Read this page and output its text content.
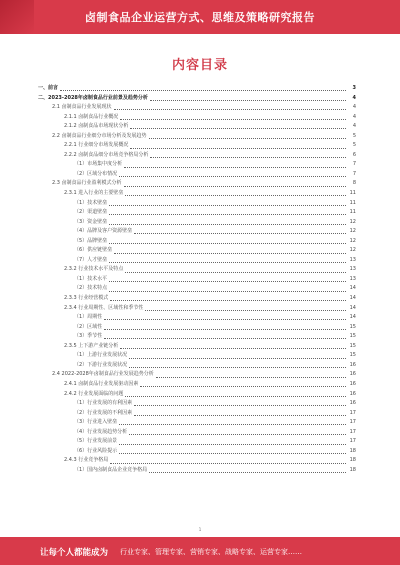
卤制食品企业运营方式、思维及策略研究报告
内容目录
一、前言	3
二、2023-2028年卤制食品行业前景及趋势分析	4
2.1 卤制食品行业发展现状	4
2.1.1 卤制食品行业概况	4
2.1.2 卤制食品市场现状分析	4
2.2 卤制食品行业细分市场分析及发展趋势	5
2.2.1 行业细分市场发展概况	5
2.2.2 卤制食品细分市场竞争格局分析	6
（1）市场集中度分析	7
（2）区域分布情况	7
2.3 卤制食品行业盈利模式分析	8
2.3.1 进入行业的主要壁垒	11
（1）技术壁垒	11
（2）渠道壁垒	11
（3）资金壁垒	12
（4）品牌及客户资源壁垒	12
（5）品牌壁垒	12
（6）供应链壁垒	12
（7）人才壁垒	13
2.3.2 行业技术水平及特点	13
（1）技术水平	13
（2）技术特点	14
2.3.3 行业经营模式	14
2.3.4 行业周期性、区域性和季节性	14
（1）周期性	14
（2）区域性	15
（3）季节性	15
2.3.5 上下游产业链分析	15
（1）上游行业发展状况	15
（2）下游行业发展状况	16
2.4 2022-2028年卤制食品行业发展趋势分析	16
2.4.1 卤制食品行业发展驱动因素	16
2.4.2 行业发展面临的问题	16
（1）行业发展的有利因素	16
（2）行业发展的不利因素	17
（3）行业进入壁垒	17
（4）行业发展趋势分析	17
（5）行业发展前景	17
（6）行业风险提示	18
2.4.3 行业竞争格局	18
（1）国内卤制食品企业竞争格局	18
1
让每个人都能成为 行业专家、管理专家、营销专家、战略专家、运营专家……
